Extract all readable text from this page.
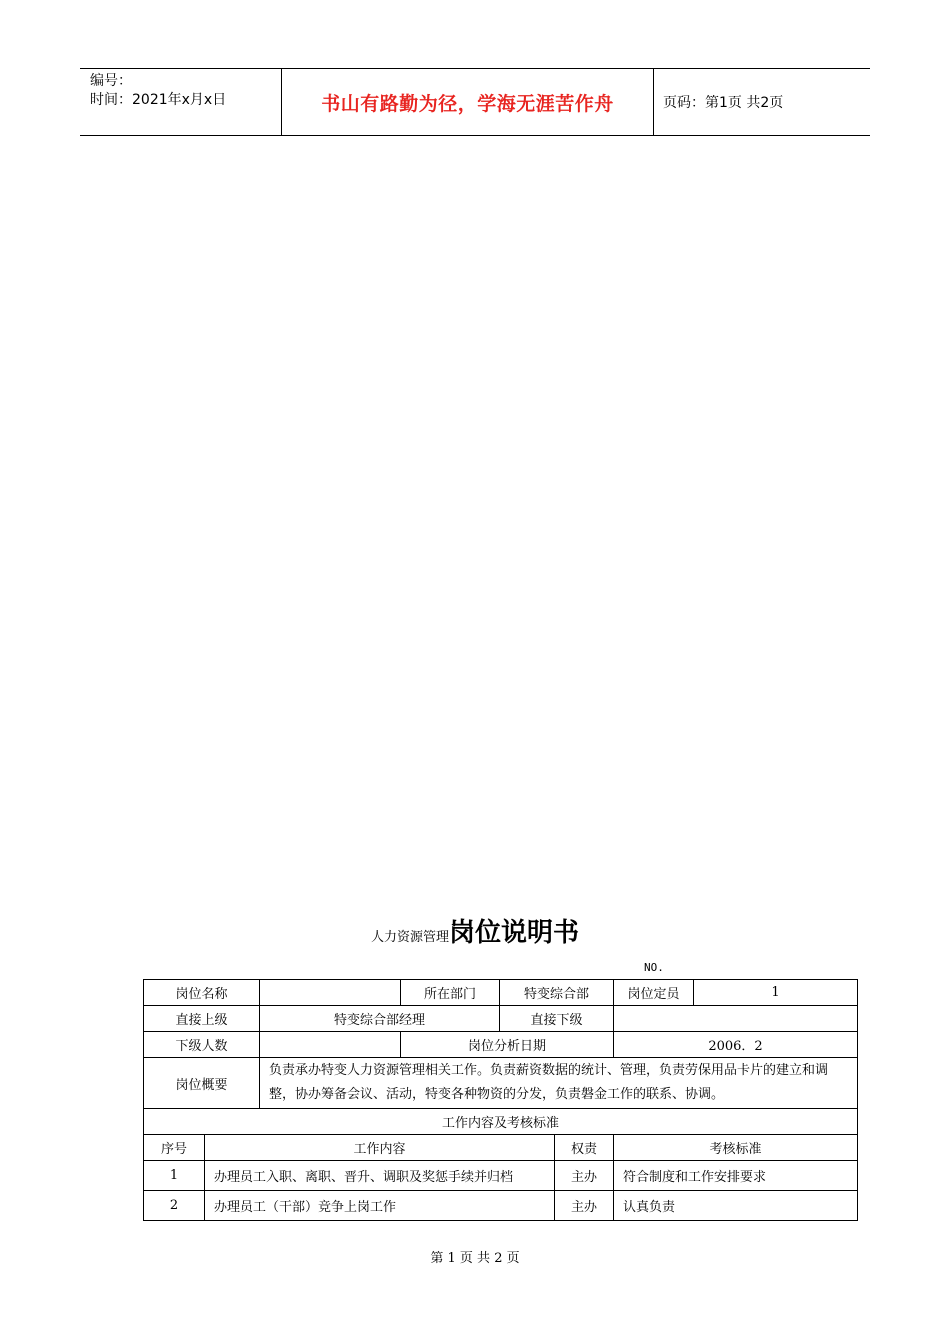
编号：
时间：2021年x月x日	书山有路勤为径，学海无涯苦作舟	页码：第1页 共2页
人力资源管理岗位说明书
NO.
岗位名称			所在部门	特变综合部		岗位定员	1
直接上级		特变综合部经理		直接下级			
下级人数			岗位分析日期			2006．2	
岗位概要		负责承办特变人力资源管理相关工作。负责薪资数据的统计、管理，负责劳保用品卡片的建立和调整，协办筹备会议、活动，特变各种物资的分发，负责磐金工作的联系、协调。					
工作内容及考核标准							
序号	工作内容				权责	考核标准	
1	办理员工入职、离职、晋升、调职及奖惩手续并归档				主办	符合制度和工作安排要求	
2	办理员工（干部）竞争上岗工作				主办	认真负责	
第 1 页 共 2 页
